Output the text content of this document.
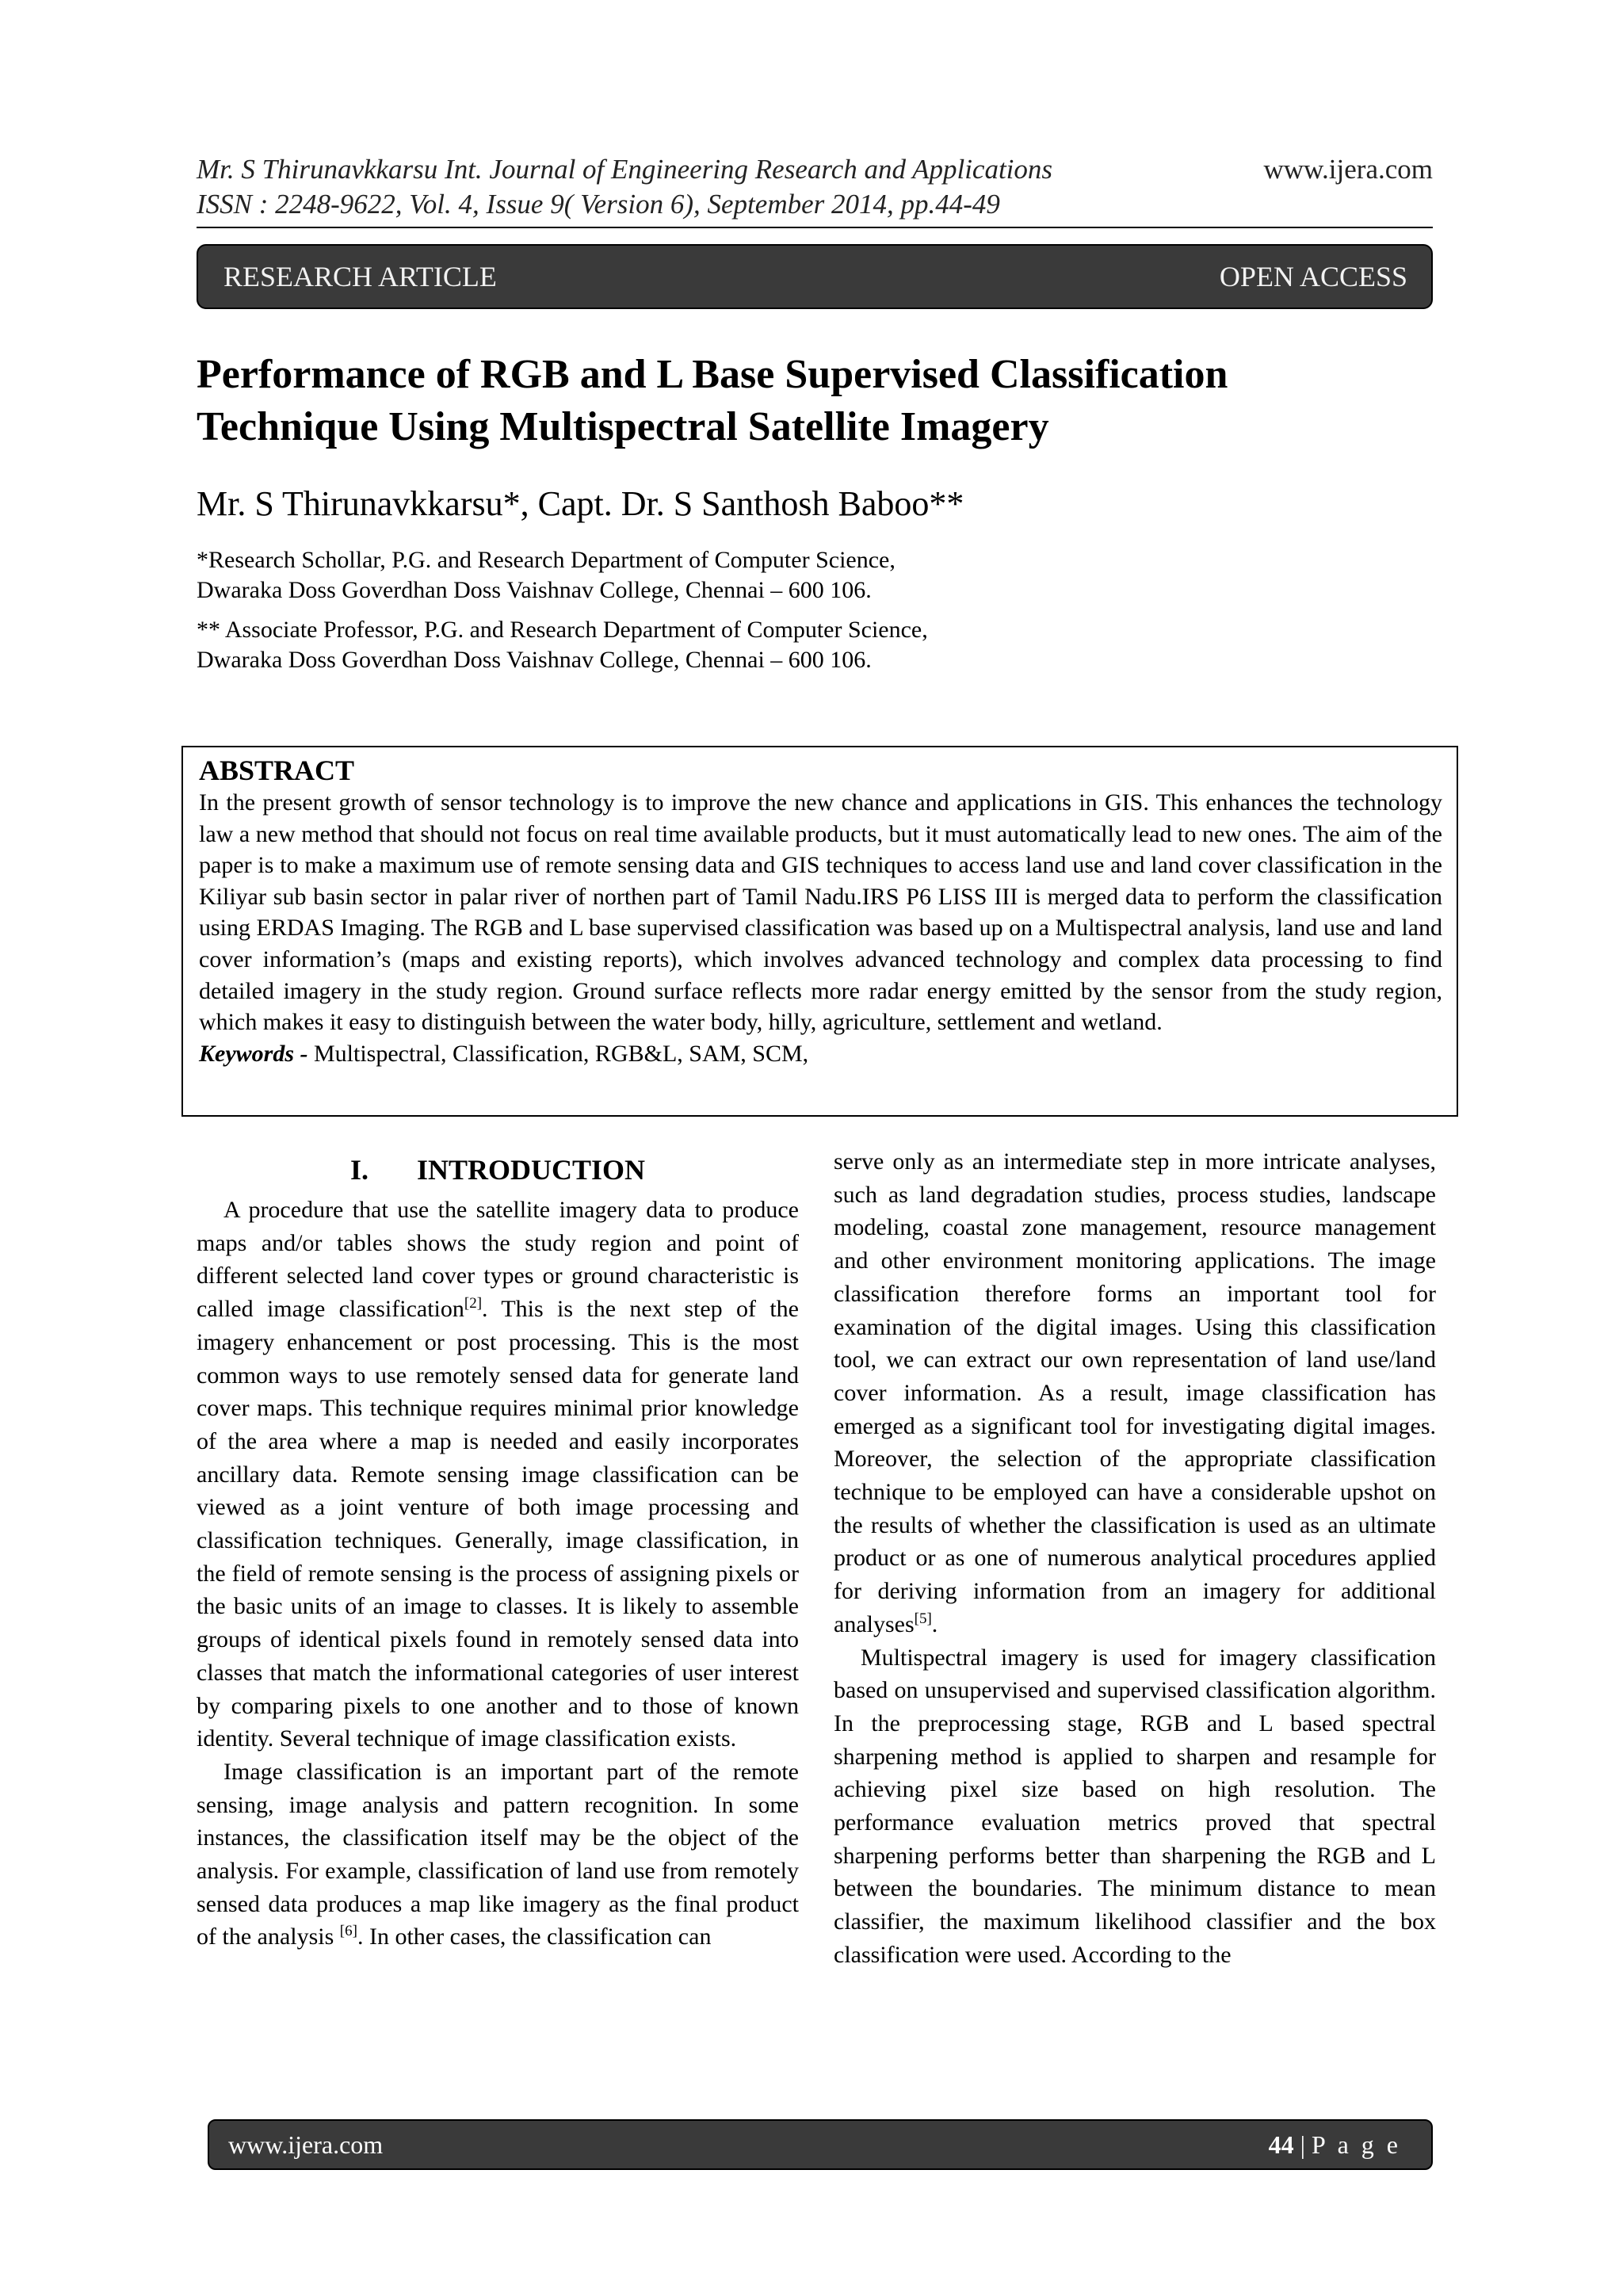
Mr. S Thirunavkkarsu Int. Journal of Engineering Research and Applications	www.ijera.com
ISSN : 2248-9622, Vol. 4, Issue 9( Version 6), September 2014, pp.44-49
RESEARCH ARTICLE	OPEN ACCESS
Performance of RGB and L Base Supervised Classification
Technique Using Multispectral Satellite Imagery
Mr. S Thirunavkkarsu*, Capt. Dr. S Santhosh Baboo**
*Research Schollar, P.G. and Research Department of Computer Science,
Dwaraka Doss Goverdhan Doss Vaishnav College, Chennai – 600 106.
** Associate Professor, P.G. and Research Department of Computer Science,
Dwaraka Doss Goverdhan Doss Vaishnav College, Chennai – 600 106.
ABSTRACT

In the present growth of sensor technology is to improve the new chance and applications in GIS. This enhances the technology law a new method that should not focus on real time available products, but it must automatically lead to new ones. The aim of the paper is to make a maximum use of remote sensing data and GIS techniques to access land use and land cover classification in the Kiliyar sub basin sector in palar river of northen part of Tamil Nadu.IRS P6 LISS III is merged data to perform the classification using ERDAS Imaging. The RGB and L base supervised classification was based up on a Multispectral analysis, land use and land cover information’s (maps and existing reports), which involves advanced technology and complex data processing to find detailed imagery in the study region. Ground surface reflects more radar energy emitted by the sensor from the study region, which makes it easy to distinguish between the water body, hilly, agriculture, settlement and wetland.

Keywords - Multispectral, Classification, RGB&L, SAM, SCM,
I. INTRODUCTION

A procedure that use the satellite imagery data to produce maps and/or tables shows the study region and point of different selected land cover types or ground characteristic is called image classification[2]. This is the next step of the imagery enhancement or post processing. This is the most common ways to use remotely sensed data for generate land cover maps. This technique requires minimal prior knowledge of the area where a map is needed and easily incorporates ancillary data. Remote sensing image classification can be viewed as a joint venture of both image processing and classification techniques. Generally, image classification, in the field of remote sensing is the process of assigning pixels or the basic units of an image to classes. It is likely to assemble groups of identical pixels found in remotely sensed data into classes that match the informational categories of user interest by comparing pixels to one another and to those of known identity. Several technique of image classification exists.

Image classification is an important part of the remote sensing, image analysis and pattern recognition. In some instances, the classification itself may be the object of the analysis. For example, classification of land use from remotely sensed data produces a map like imagery as the final product of the analysis [6]. In other cases, the classification can

serve only as an intermediate step in more intricate analyses, such as land degradation studies, process studies, landscape modeling, coastal zone management, resource management and other environment monitoring applications. The image classification therefore forms an important tool for examination of the digital images. Using this classification tool, we can extract our own representation of land use/land cover information. As a result, image classification has emerged as a significant tool for investigating digital images. Moreover, the selection of the appropriate classification technique to be employed can have a considerable upshot on the results of whether the classification is used as an ultimate product or as one of numerous analytical procedures applied for deriving information from an imagery for additional analyses[5].

Multispectral imagery is used for imagery classification based on unsupervised and supervised classification algorithm. In the preprocessing stage, RGB and L based spectral sharpening method is applied to sharpen and resample for achieving pixel size based on high resolution. The performance evaluation metrics proved that spectral sharpening performs better than sharpening the RGB and L between the boundaries. The minimum distance to mean classifier, the maximum likelihood classifier and the box classification were used. According to the

www.ijera.com	44 | P a g e
